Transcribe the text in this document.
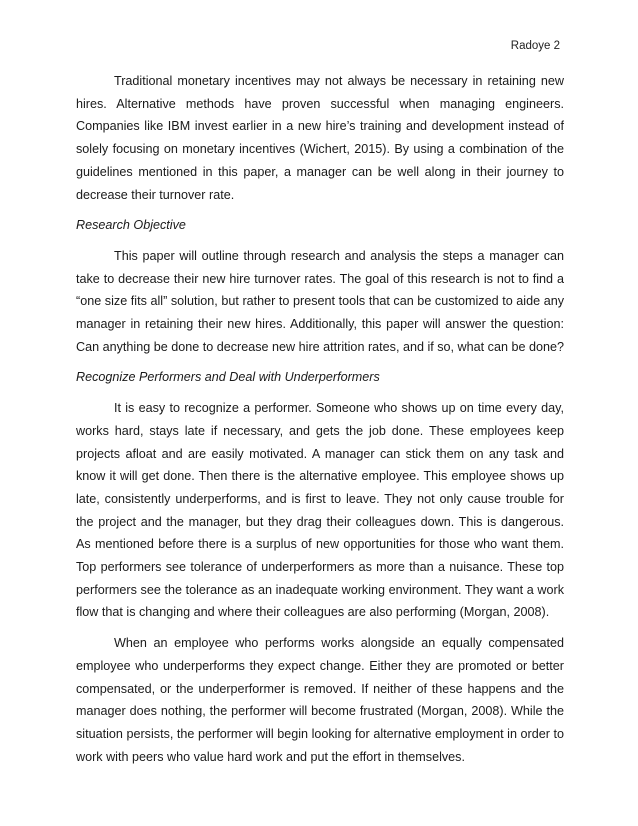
Radoye 2

Traditional monetary incentives may not always be necessary in retaining new hires. Alternative methods have proven successful when managing engineers. Companies like IBM invest earlier in a new hire’s training and development instead of solely focusing on monetary incentives (Wichert, 2015). By using a combination of the guidelines mentioned in this paper, a manager can be well along in their journey to decrease their turnover rate.

Research Objective

This paper will outline through research and analysis the steps a manager can take to decrease their new hire turnover rates. The goal of this research is not to find a “one size fits all” solution, but rather to present tools that can be customized to aide any manager in retaining their new hires. Additionally, this paper will answer the question: Can anything be done to decrease new hire attrition rates, and if so, what can be done?

Recognize Performers and Deal with Underperformers

It is easy to recognize a performer. Someone who shows up on time every day, works hard, stays late if necessary, and gets the job done. These employees keep projects afloat and are easily motivated. A manager can stick them on any task and know it will get done. Then there is the alternative employee. This employee shows up late, consistently underperforms, and is first to leave. They not only cause trouble for the project and the manager, but they drag their colleagues down. This is dangerous. As mentioned before there is a surplus of new opportunities for those who want them. Top performers see tolerance of underperformers as more than a nuisance. These top performers see the tolerance as an inadequate working environment. They want a work flow that is changing and where their colleagues are also performing (Morgan, 2008).

When an employee who performs works alongside an equally compensated employee who underperforms they expect change. Either they are promoted or better compensated, or the underperformer is removed. If neither of these happens and the manager does nothing, the performer will become frustrated (Morgan, 2008). While the situation persists, the performer will begin looking for alternative employment in order to work with peers who value hard work and put the effort in themselves.
